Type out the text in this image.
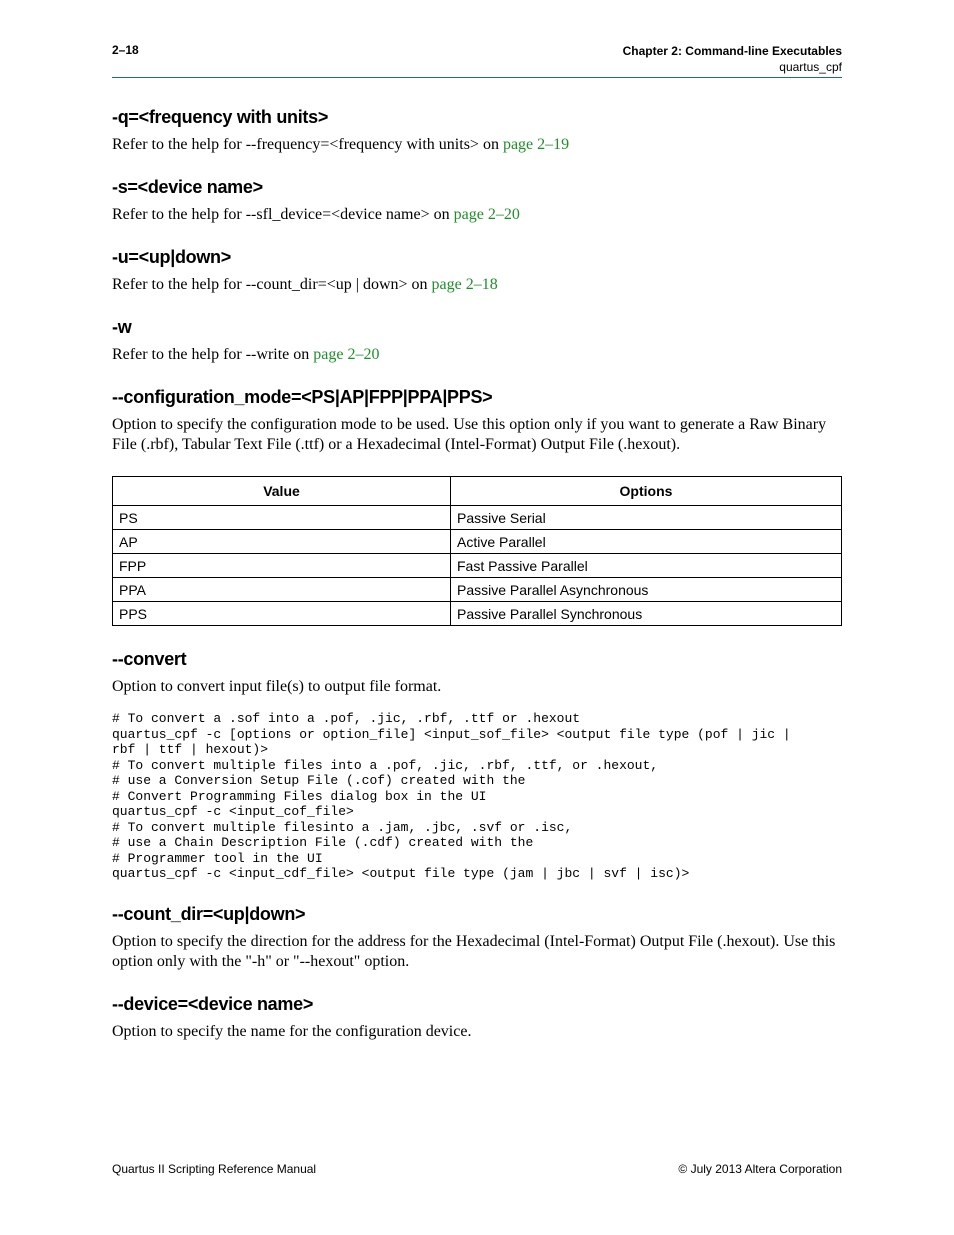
2–18	Chapter 2: Command-line Executables
quartus_cpf
-q=<frequency with units>

Refer to the help for --frequency=<frequency with units> on page 2–19

-s=<device name>

Refer to the help for --sfl_device=<device name> on page 2–20

-u=<up|down>

Refer to the help for --count_dir=<up | down> on page 2–18

-w

Refer to the help for --write on page 2–20

--configuration_mode=<PS|AP|FPP|PPA|PPS>

Option to specify the configuration mode to be used. Use this option only if you want to generate a Raw Binary File (.rbf), Tabular Text File (.ttf) or a Hexadecimal (Intel-Format) Output File (.hexout).

Value	Options
PS	Passive Serial
AP	Active Parallel
FPP	Fast Passive Parallel
PPA	Passive Parallel Asynchronous
PPS	Passive Parallel Synchronous
--convert

Option to convert input file(s) to output file format.

# To convert a .sof into a .pof, .jic, .rbf, .ttf or .hexout
quartus_cpf -c [options or option_file] <input_sof_file> <output file type (pof | jic |
rbf | ttf | hexout)>
# To convert multiple files into a .pof, .jic, .rbf, .ttf, or .hexout,
# use a Conversion Setup File (.cof) created with the
# Convert Programming Files dialog box in the UI
quartus_cpf -c <input_cof_file>
# To convert multiple filesinto a .jam, .jbc, .svf or .isc,
# use a Chain Description File (.cdf) created with the
# Programmer tool in the UI
quartus_cpf -c <input_cdf_file> <output file type (jam | jbc | svf | isc)>
--count_dir=<up|down>

Option to specify the direction for the address for the Hexadecimal (Intel-Format) Output File (.hexout). Use this option only with the "-h" or "--hexout" option.

--device=<device name>

Option to specify the name for the configuration device.

Quartus II Scripting Reference Manual	© July 2013 Altera Corporation
